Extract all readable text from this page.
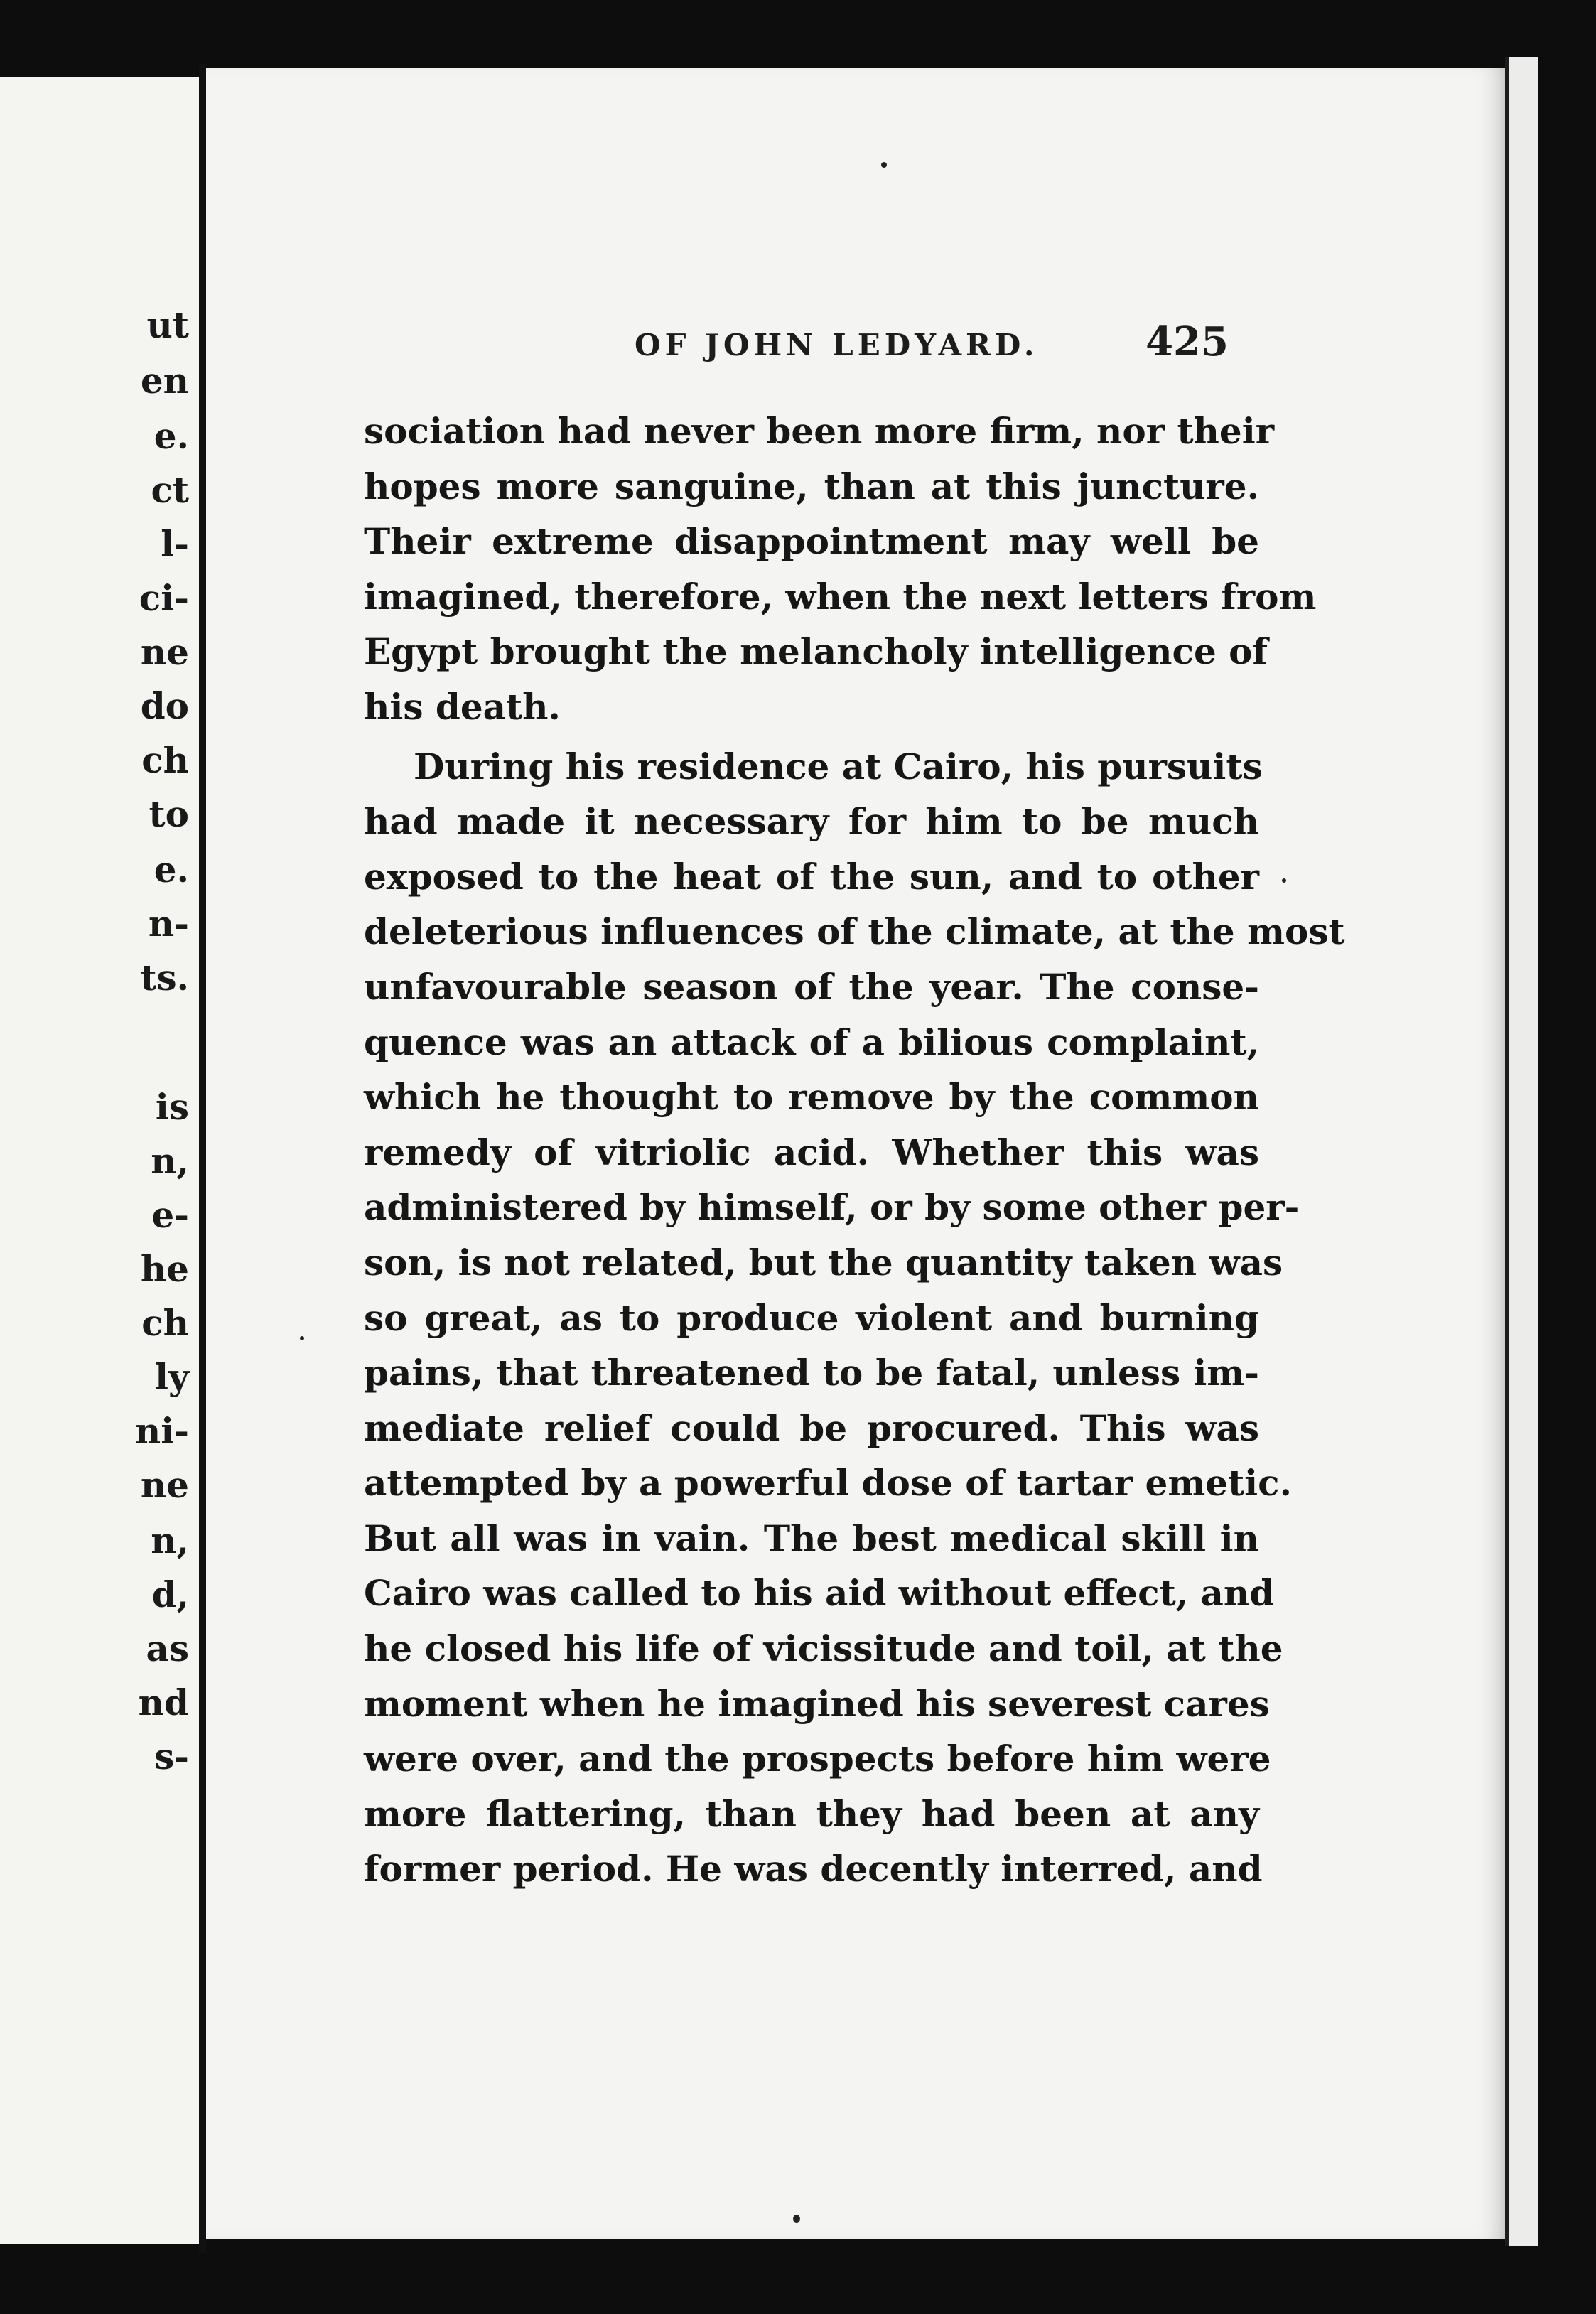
ut
en
e.
ct
l-
ci-
ne
do
ch
to
e.
n-
ts.
is
n,
e-
he
ch
ly
ni-
ne
n,
d,
as
nd
s-
OF JOHN LEDYARD.	425
sociation had never been more firm, nor their
hopes more sanguine, than at this juncture.
Their extreme disappointment may well be
imagined, therefore, when the next letters from
Egypt brought the melancholy intelligence of
his death.
During his residence at Cairo, his pursuits
had made it necessary for him to be much
exposed to the heat of the sun, and to other
deleterious influences of the climate, at the most
unfavourable season of the year. The conse-
quence was an attack of a bilious complaint,
which he thought to remove by the common
remedy of vitriolic acid. Whether this was
administered by himself, or by some other per-
son, is not related, but the quantity taken was
so great, as to produce violent and burning
pains, that threatened to be fatal, unless im-
mediate relief could be procured. This was
attempted by a powerful dose of tartar emetic.
But all was in vain. The best medical skill in
Cairo was called to his aid without effect, and
he closed his life of vicissitude and toil, at the
moment when he imagined his severest cares
were over, and the prospects before him were
more flattering, than they had been at any
former period. He was decently interred, and
